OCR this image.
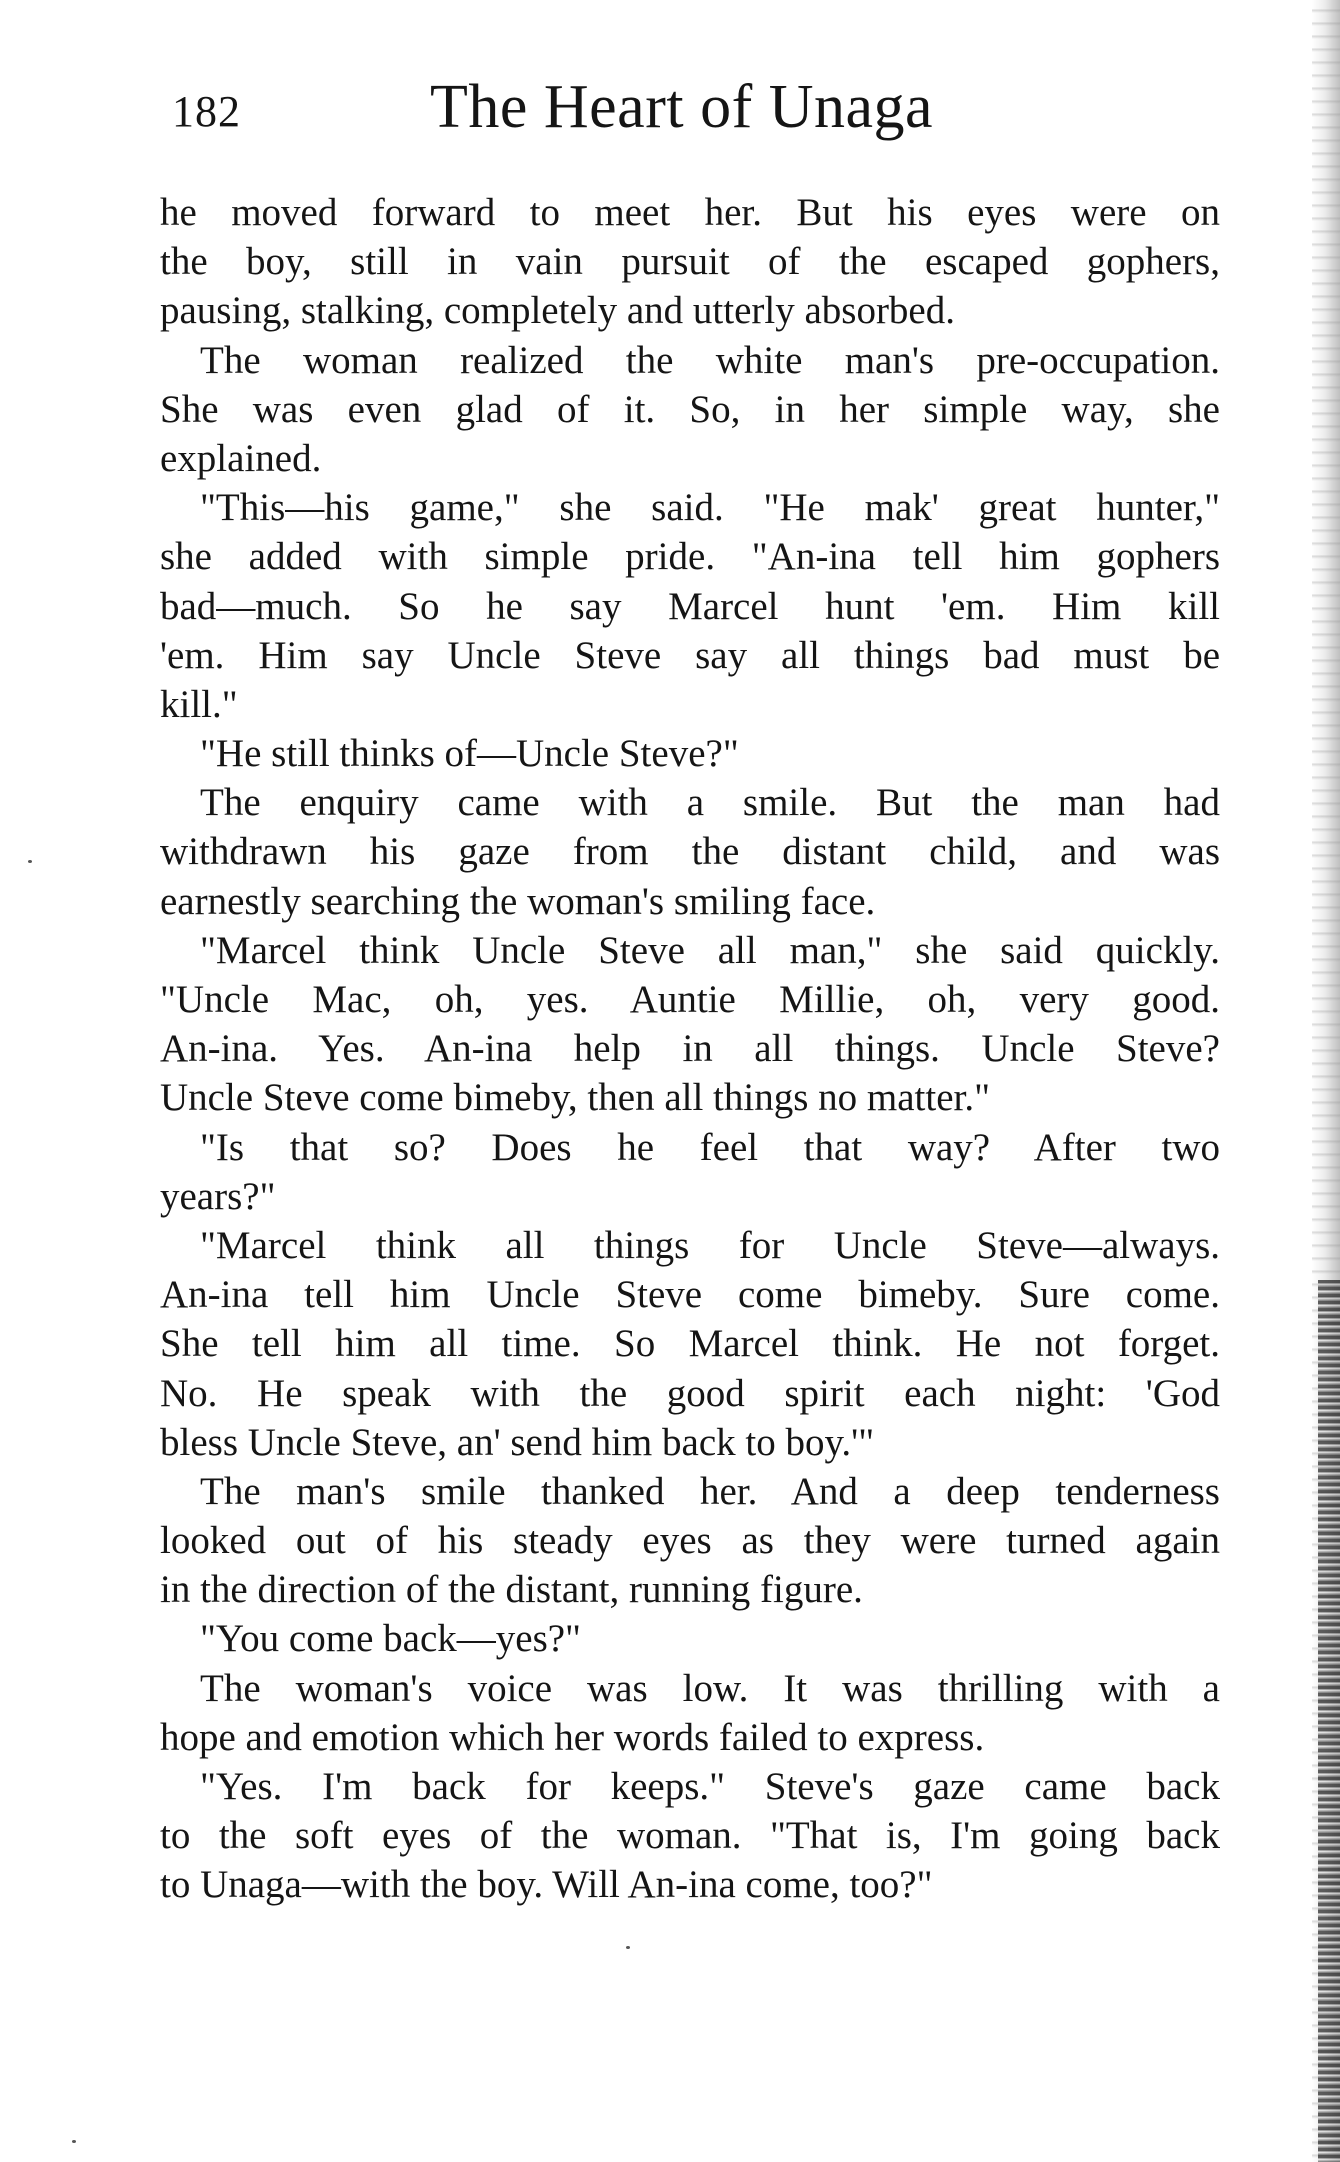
182	The Heart of Unaga
he moved forward to meet her. But his eyes were on
the boy, still in vain pursuit of the escaped gophers,
pausing, stalking, completely and utterly absorbed.
The woman realized the white man's pre-occupation.
She was even glad of it. So, in her simple way, she
explained.
"This—his game," she said. "He mak' great hunter,"
she added with simple pride. "An-ina tell him gophers
bad—much. So he say Marcel hunt 'em. Him kill
'em. Him say Uncle Steve say all things bad must be
kill."
"He still thinks of—Uncle Steve?"
The enquiry came with a smile. But the man had
withdrawn his gaze from the distant child, and was
earnestly searching the woman's smiling face.
"Marcel think Uncle Steve all man," she said quickly.
"Uncle Mac, oh, yes. Auntie Millie, oh, very good.
An-ina. Yes. An-ina help in all things. Uncle Steve?
Uncle Steve come bimeby, then all things no matter."
"Is that so? Does he feel that way? After two
years?"
"Marcel think all things for Uncle Steve—always.
An-ina tell him Uncle Steve come bimeby. Sure come.
She tell him all time. So Marcel think. He not forget.
No. He speak with the good spirit each night: 'God
bless Uncle Steve, an' send him back to boy.'"
The man's smile thanked her. And a deep tenderness
looked out of his steady eyes as they were turned again
in the direction of the distant, running figure.
"You come back—yes?"
The woman's voice was low. It was thrilling with a
hope and emotion which her words failed to express.
"Yes. I'm back for keeps." Steve's gaze came back
to the soft eyes of the woman. "That is, I'm going back
to Unaga—with the boy. Will An-ina come, too?"
